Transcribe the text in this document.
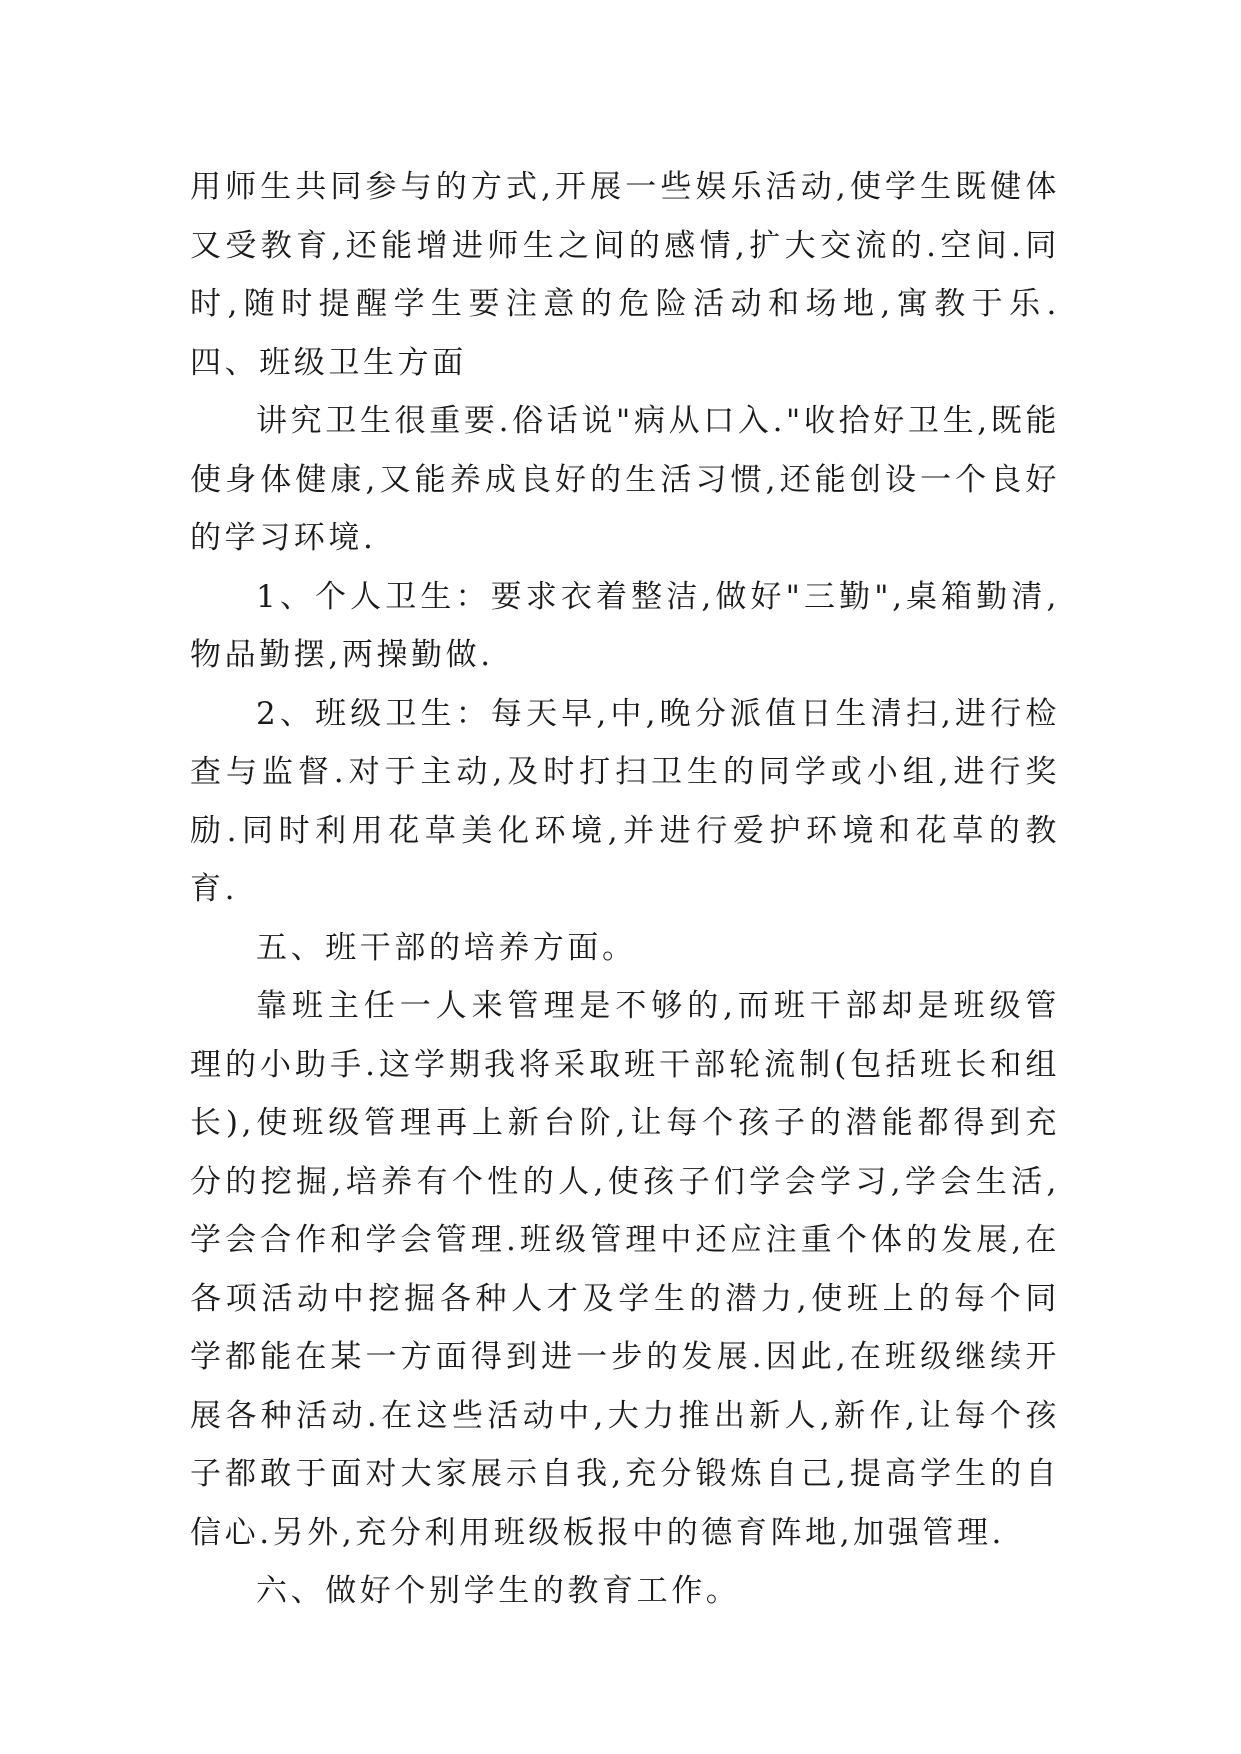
用师生共同参与的方式,开展一些娱乐活动,使学生既健体又受教育,还能增进师生之间的感情,扩大交流的.空间.同时,随时提醒学生要注意的危险活动和场地,寓教于乐.四、班级卫生方面

讲究卫生很重要.俗话说"病从口入."收拾好卫生,既能使身体健康,又能养成良好的生活习惯,还能创设一个良好的学习环境.

1、个人卫生：要求衣着整洁,做好"三勤",桌箱勤清,物品勤摆,两操勤做.

2、班级卫生：每天早,中,晚分派值日生清扫,进行检查与监督.对于主动,及时打扫卫生的同学或小组,进行奖励.同时利用花草美化环境,并进行爱护环境和花草的教育.

五、班干部的培养方面。

靠班主任一人来管理是不够的,而班干部却是班级管理的小助手.这学期我将采取班干部轮流制(包括班长和组长),使班级管理再上新台阶,让每个孩子的潜能都得到充分的挖掘,培养有个性的人,使孩子们学会学习,学会生活,学会合作和学会管理.班级管理中还应注重个体的发展,在各项活动中挖掘各种人才及学生的潜力,使班上的每个同学都能在某一方面得到进一步的发展.因此,在班级继续开展各种活动.在这些活动中,大力推出新人,新作,让每个孩子都敢于面对大家展示自我,充分锻炼自己,提高学生的自信心.另外,充分利用班级板报中的德育阵地,加强管理.

六、做好个别学生的教育工作。
